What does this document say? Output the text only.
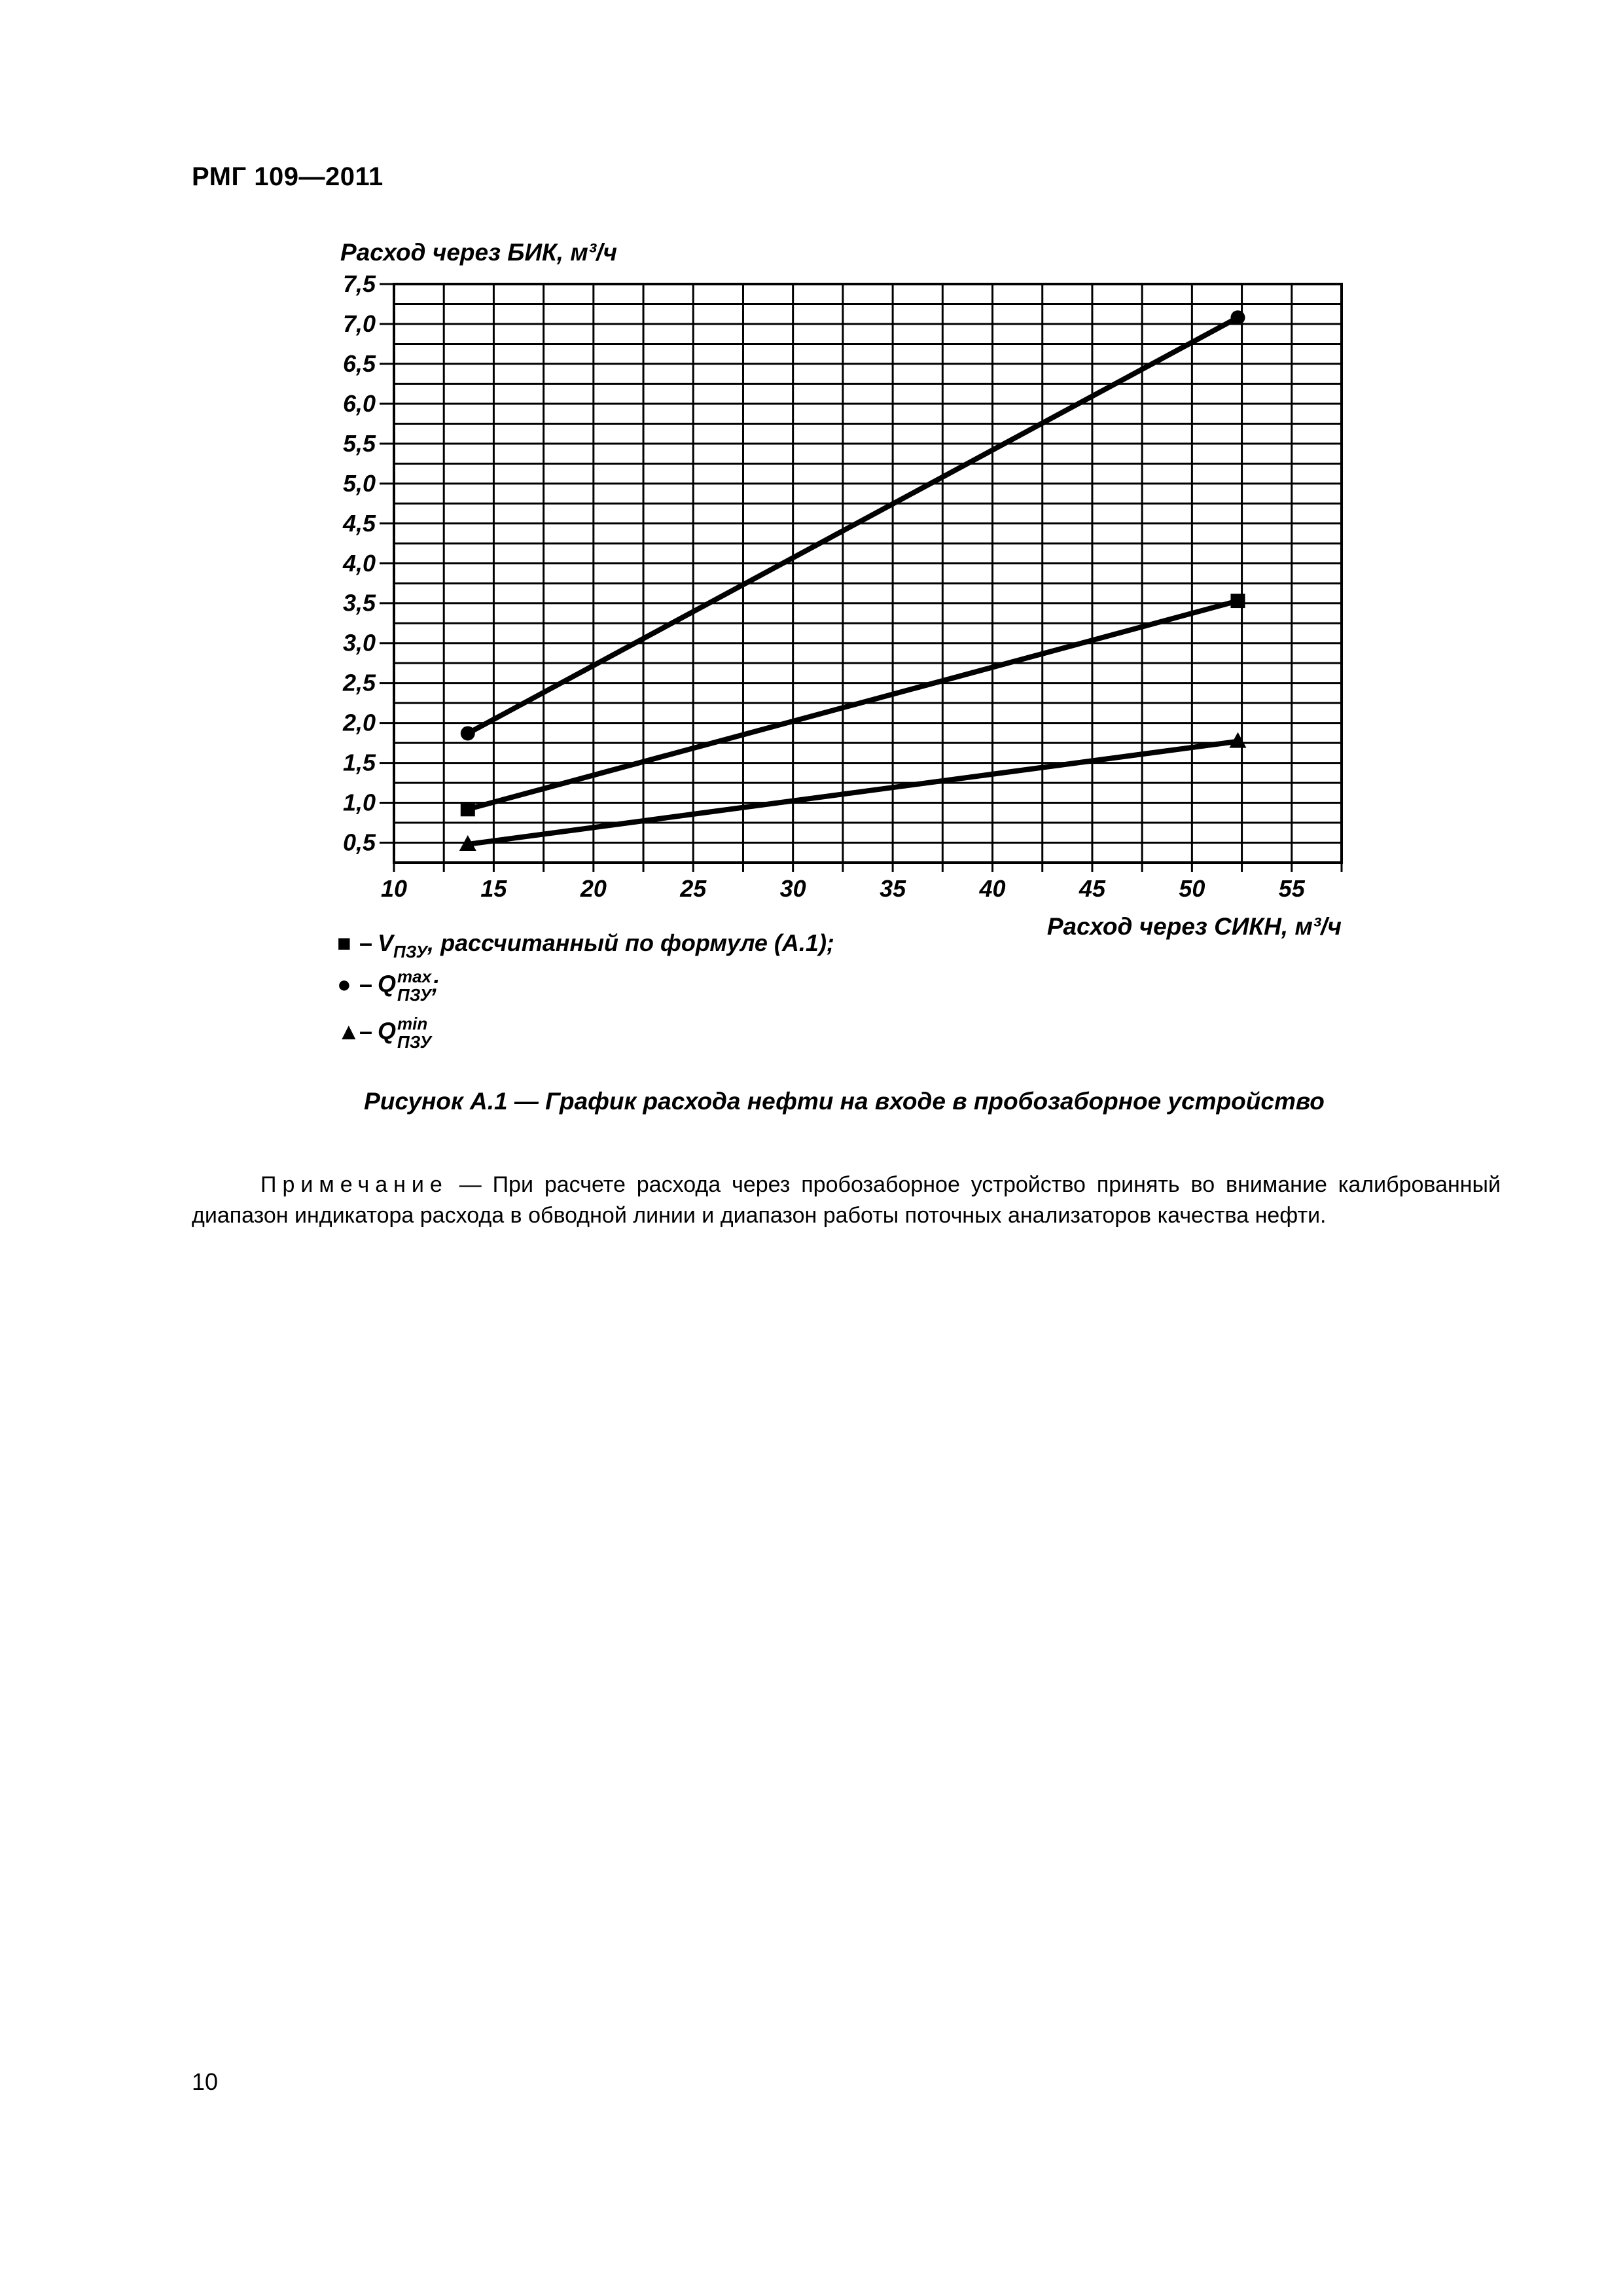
РМГ 109—2011
Расход через БИК, м³/ч
7,5
7,0
6,5
6,0
5,5
5,0
4,5
4,0
3,5
3,0
2,5
2,0
1,5
1,0
0,5
10	15	20	25	30	35	40	45	50	55
Расход через СИКН, м³/ч
■ – $V_{ПЗУ}$, рассчитанный по формуле (А.1);
● – Q max
ПЗУ ;
▲– Q min
ПЗУ
Рисунок А.1 — График расхода нефти на входе в пробозаборное устройство
Примечание — При расчете расхода через пробозаборное устройство принять во внимание калиброванный диапазон индикатора расхода в обводной линии и диапазон работы поточных анализаторов качества нефти.
10
